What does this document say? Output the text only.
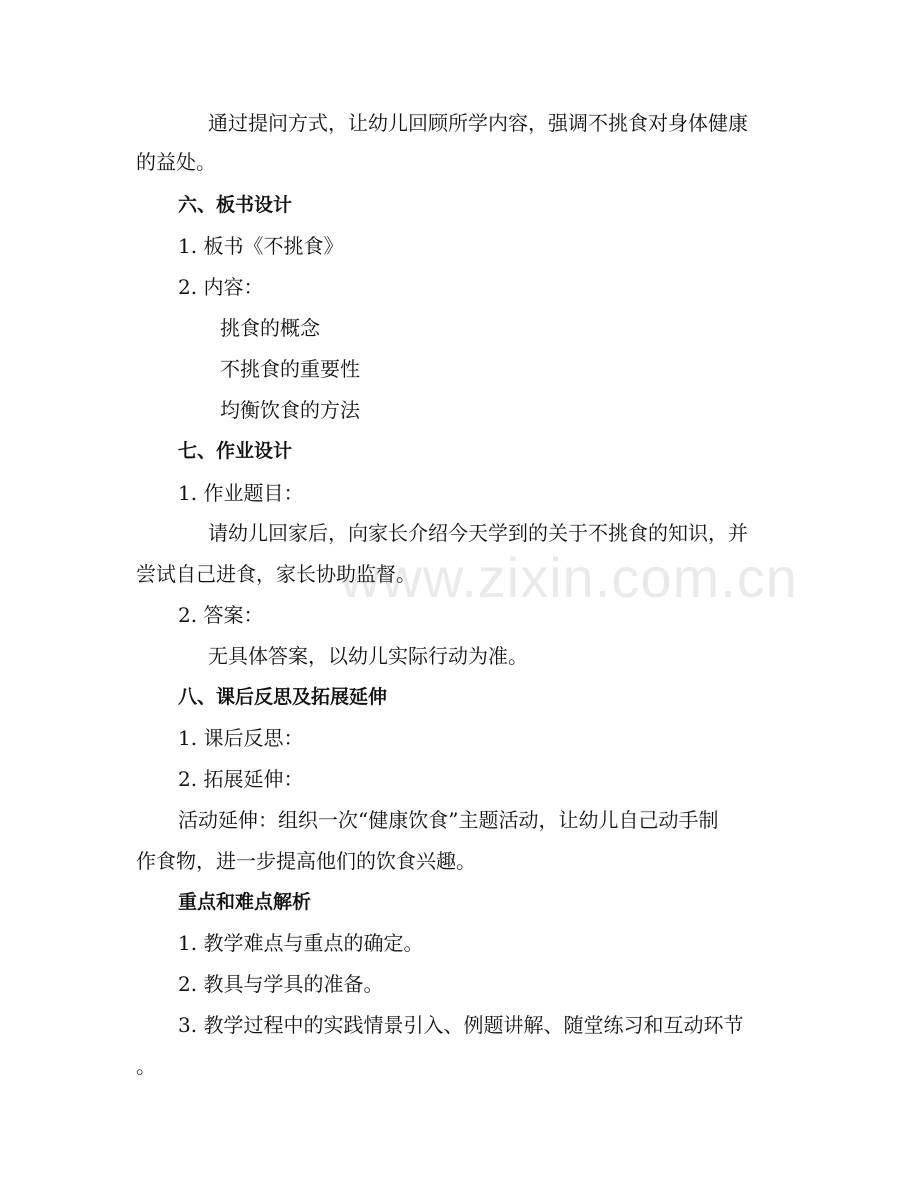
www.zixin.com.cn
通过提问方式，让幼儿回顾所学内容，强调不挑食对身体健康
的益处。
六、板书设计
1. 板书《不挑食》
2. 内容：
挑食的概念
不挑食的重要性
均衡饮食的方法
七、作业设计
1. 作业题目：
请幼儿回家后，向家长介绍今天学到的关于不挑食的知识，并
尝试自己进食，家长协助监督。
2. 答案：
无具体答案，以幼儿实际行动为准。
八、课后反思及拓展延伸
1. 课后反思：
2. 拓展延伸：
活动延伸：组织一次“健康饮食”主题活动，让幼儿自己动手制
作食物，进一步提高他们的饮食兴趣。
重点和难点解析
1. 教学难点与重点的确定。
2. 教具与学具的准备。
3. 教学过程中的实践情景引入、例题讲解、随堂练习和互动环节
。
